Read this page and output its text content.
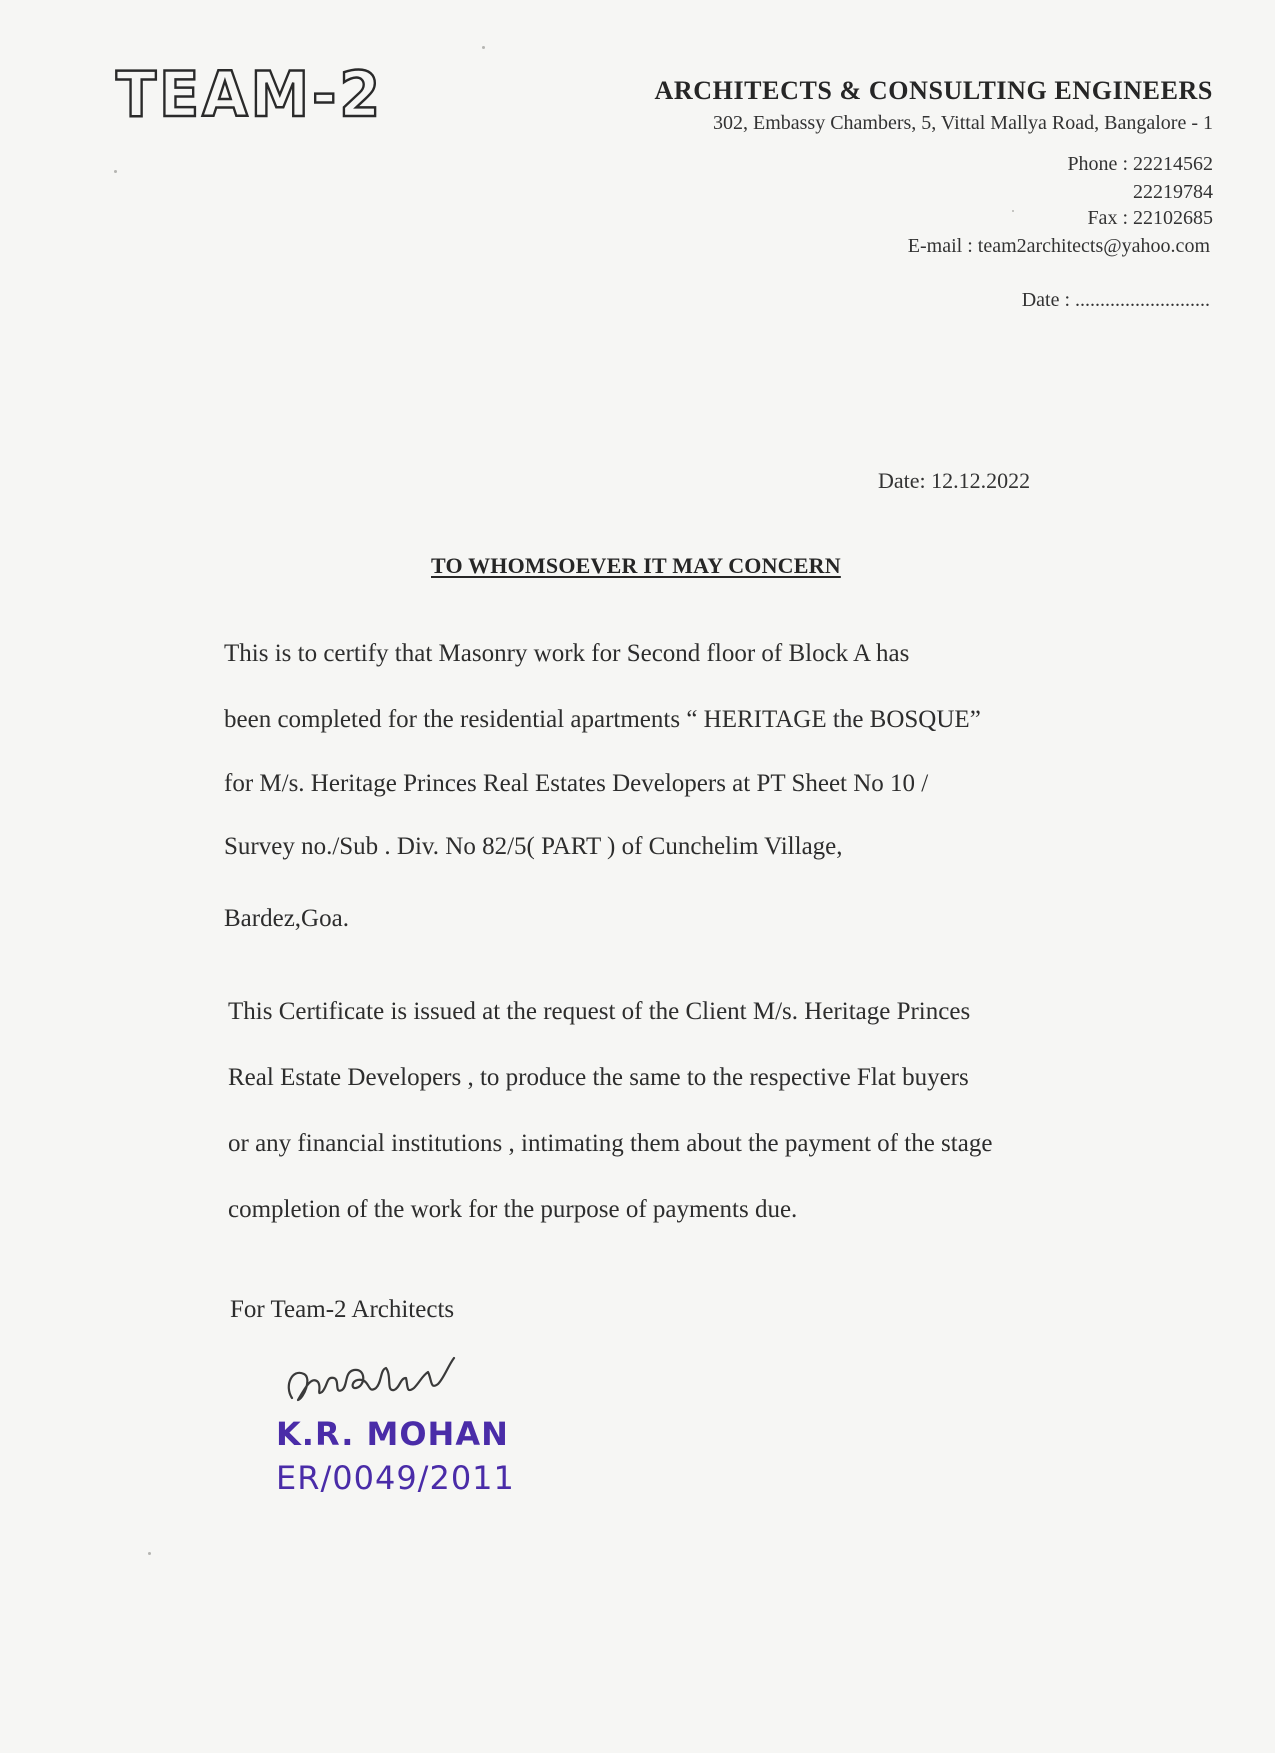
TEAM-2	ARCHITECTS & CONSULTING ENGINEERS
302, Embassy Chambers, 5, Vittal Mallya Road, Bangalore - 1
Phone : 22214562
22219784
Fax : 22102685
E-mail : team2architects@yahoo.com
Date : ...........................
Date: 12.12.2022
TO WHOMSOEVER IT MAY CONCERN
This is to certify that Masonry work for Second floor of Block A has
been completed for the residential apartments “ HERITAGE the BOSQUE”
for M/s. Heritage Princes Real Estates Developers at PT Sheet No 10 /
Survey no./Sub . Div. No 82/5( PART ) of Cunchelim Village,
Bardez,Goa.
This Certificate is issued at the request of the Client M/s. Heritage Princes
Real Estate Developers , to produce the same to the respective Flat buyers
or any financial institutions , intimating them about the payment of the stage
completion of the work for the purpose of payments due.
For Team-2 Architects
K.R. MOHAN
ER/0049/2011
